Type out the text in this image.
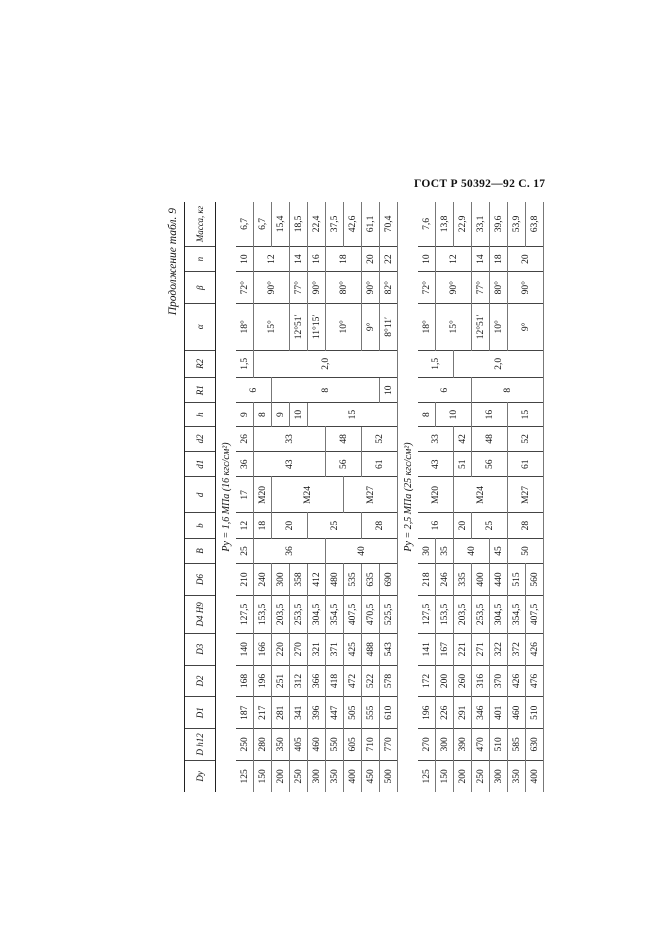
ГОСТ Р 50392—92 С. 17
Продолжение табл. 9
Dу	D h12	D1	D2	D3	D4 H9	D6	B	b	d	d1	d2	h	R1	R2	α	β	n	Масса, кг
Pу = 1,6 МПа (16 кгс/см²)																		
125	250	187	168	140	127,5	210	25	12	17	36	26	9	6	1,5	18°	72°	10	6,7
150	280	217	196	166	153,5	240	36	18	М20	43	33	8		2,0	15°	90°	12	6,7
200	350	281	251	220	203,5	300		20	М24			9	8					15,4
250	405	341	312	270	253,5	358						10			12°51′	77°	14	18,5
300	460	396	366	321	304,5	412		25				15			11°15′	90°	16	22,4
350	550	447	418	371	354,5	480	40			56	48				10°	80°	18	37,5
400	605	505	472	425	407,5	535			М27									42,6
450	710	555	522	488	470,5	635		28		61	52				9°	90°	20	61,1
500	770	610	578	543	525,5	690							10		8°11′	82°	22	70,4
Pу = 2,5 МПа (25 кгс/см²)																		
125	270	196	172	141	127,5	218	30	16	М20	43	33	8	6	1,5	18°	72°	10	7,6
150	300	226	200	167	153,5	246	35					10			15°	90°	12	13,8
200	390	291	260	221	203,5	335	40	20	М24	51	42			2,0				22,9
250	470	346	316	271	253,5	400		25		56	48	16	8		12°51′	77°	14	33,1
300	510	401	370	322	304,5	440	45								10°	80°	18	39,6
350	585	460	426	372	354,5	515	50	28	М27	61	52	15			9°	90°	20	53,9
400	630	510	476	426	407,5	560												63,8
